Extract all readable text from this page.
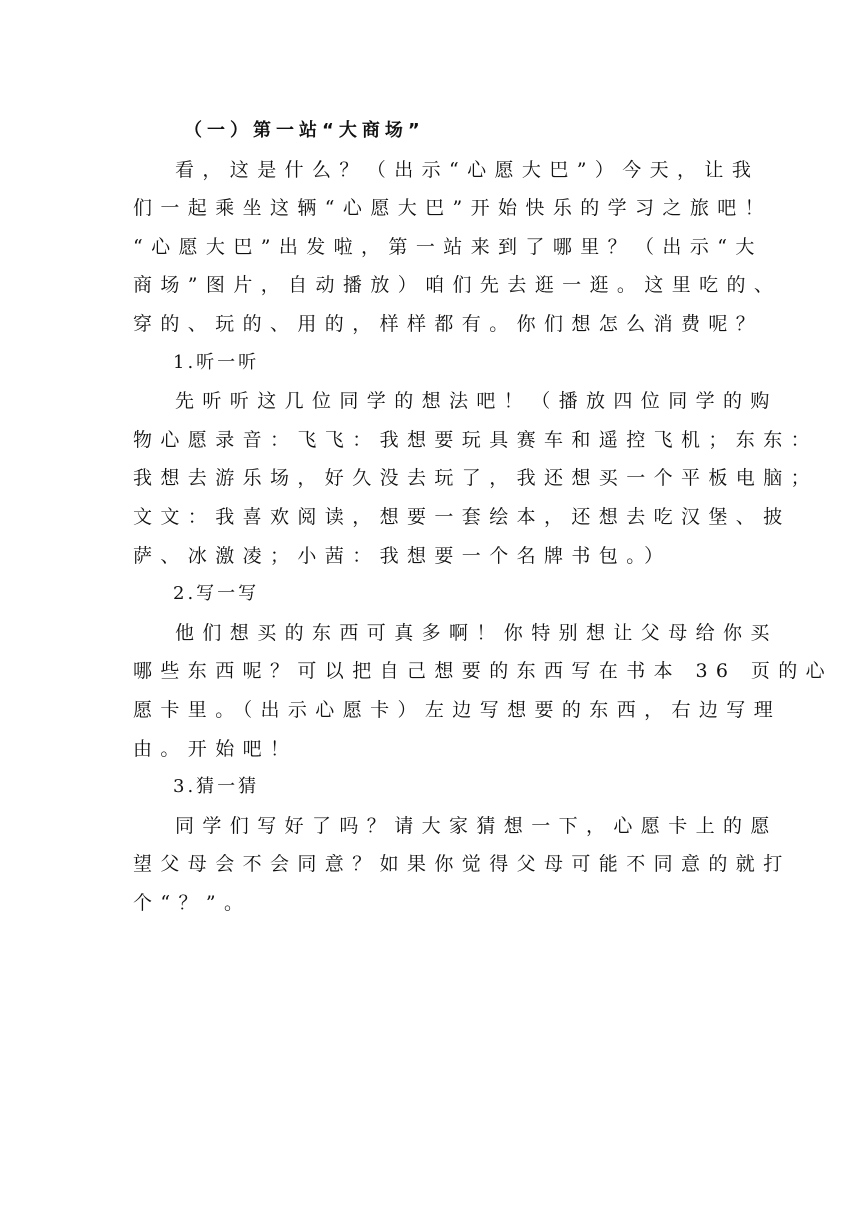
（一）第一站“大商场”
看，这是什么？（出示“心愿大巴”）今天，让我
们一起乘坐这辆“心愿大巴”开始快乐的学习之旅吧！
“心愿大巴”出发啦，第一站来到了哪里？（出示“大
商场”图片，自动播放）咱们先去逛一逛。这里吃的、
穿的、玩的、用的，样样都有。你们想怎么消费呢？
1.听一听
先听听这几位同学的想法吧！（播放四位同学的购
物心愿录音：飞飞：我想要玩具赛车和遥控飞机；东东：
我想去游乐场，好久没去玩了，我还想买一个平板电脑；
文文：我喜欢阅读，想要一套绘本，还想去吃汉堡、披
萨、冰激凌；小茜：我想要一个名牌书包。）
2.写一写
他们想买的东西可真多啊！你特别想让父母给你买
哪些东西呢？可以把自己想要的东西写在书本 36 页的心
愿卡里。（出示心愿卡）左边写想要的东西，右边写理
由。开始吧！
3.猜一猜
同学们写好了吗？请大家猜想一下，心愿卡上的愿
望父母会不会同意？如果你觉得父母可能不同意的就打
个“？”。
